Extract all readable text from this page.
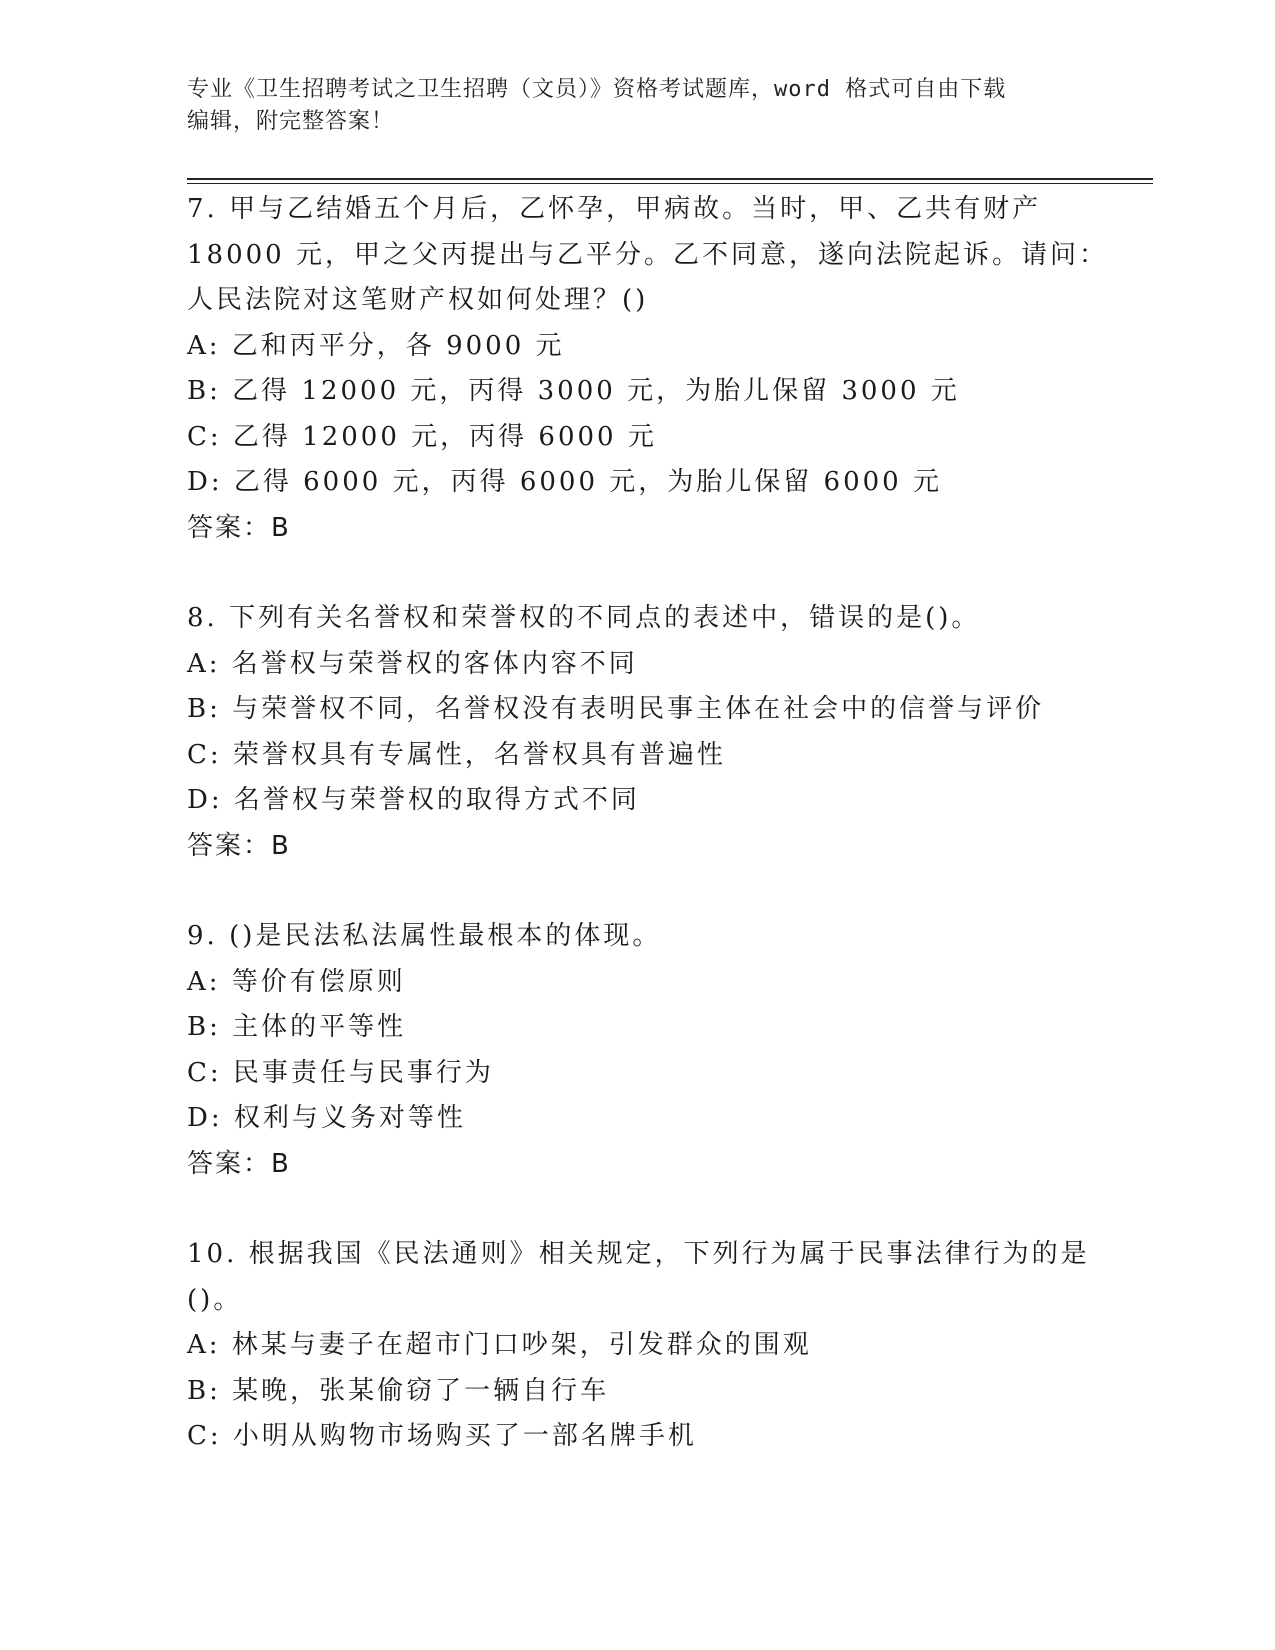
专业《卫生招聘考试之卫生招聘（文员）》资格考试题库，word 格式可自由下载
编辑，附完整答案！
7. 甲与乙结婚五个月后，乙怀孕，甲病故。当时，甲、乙共有财产
18000 元，甲之父丙提出与乙平分。乙不同意，遂向法院起诉。请问：
人民法院对这笔财产权如何处理？()
A: 乙和丙平分，各 9000 元
B: 乙得 12000 元，丙得 3000 元，为胎儿保留 3000 元
C: 乙得 12000 元，丙得 6000 元
D: 乙得 6000 元，丙得 6000 元，为胎儿保留 6000 元
答案：B
8. 下列有关名誉权和荣誉权的不同点的表述中，错误的是()。
A: 名誉权与荣誉权的客体内容不同
B: 与荣誉权不同，名誉权没有表明民事主体在社会中的信誉与评价
C: 荣誉权具有专属性，名誉权具有普遍性
D: 名誉权与荣誉权的取得方式不同
答案：B
9. ()是民法私法属性最根本的体现。
A: 等价有偿原则
B: 主体的平等性
C: 民事责任与民事行为
D: 权利与义务对等性
答案：B
10. 根据我国《民法通则》相关规定，下列行为属于民事法律行为的是
()。
A: 林某与妻子在超市门口吵架，引发群众的围观
B: 某晚，张某偷窃了一辆自行车
C: 小明从购物市场购买了一部名牌手机
